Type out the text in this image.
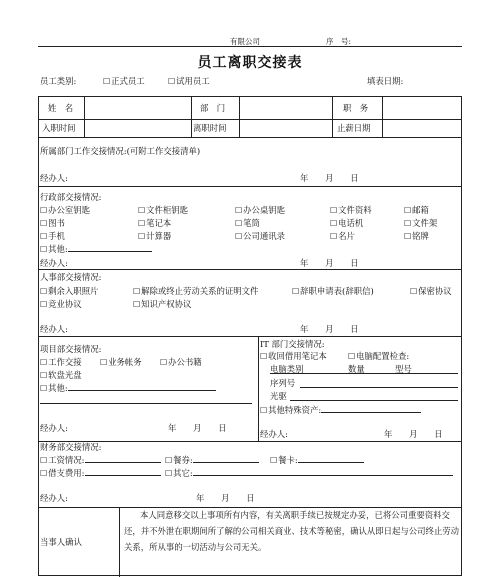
有限公司	序　号:
员工离职交接表
员工类别:	☐ 正式员工	☐ 试用员工	填表日期:
姓　名	部　门	职　务
入职时间	离职时间	止薪日期
所属部门工作交接情况:(可附工作交接清单)
经办人:	年　　月　　日
行政部交接情况:
☐ 办公室钥匙	☐ 文件柜钥匙	☐ 办公桌钥匙	☐ 文件资料	☐ 邮箱
☐ 图书	☐ 笔记本	☐ 笔筒	☐ 电话机	☐ 文件架
☐ 手机	☐ 计算器	☐ 公司通讯录	☐ 名片	☐ 铭牌
☐ 其他:
经办人:	年　　月　　日
人事部交接情况:
☐ 剩余入职照片	☐ 解除或终止劳动关系的证明文件	☐ 辞职申请表(辞职信)	☐ 保密协议
☐ 竞业协议	☐ 知识产权协议
经办人:	年　　月　　日
项目部交接情况:
☐ 工作交接	☐ 业务帐务	☐ 办公书籍
☐ 软盘光盘
☐ 其他:
经办人:	年　　月　　日
IT 部门交接情况:
☐ 收回借用笔记本	☐ 电脑配置检查:
电脑类别	数量	型号
序列号
光驱
☐ 其他特殊资产:
经办人:	年　　月　　日
财务部交接情况:
☐ 工资情况:	☐ 餐券:	☐ 餐卡:
☐ 借支费用:	☐ 其它:
经办人:	年　　月　　日
当事人确认
本人同意移交以上事项所有内容，有关离职手续已按规定办妥，已将公司重要资料交还，并不外泄在职期间所了解的公司相关商业、技术等秘密，确认从即日起与公司终止劳动关系，所从事的一切活动与公司无关。
